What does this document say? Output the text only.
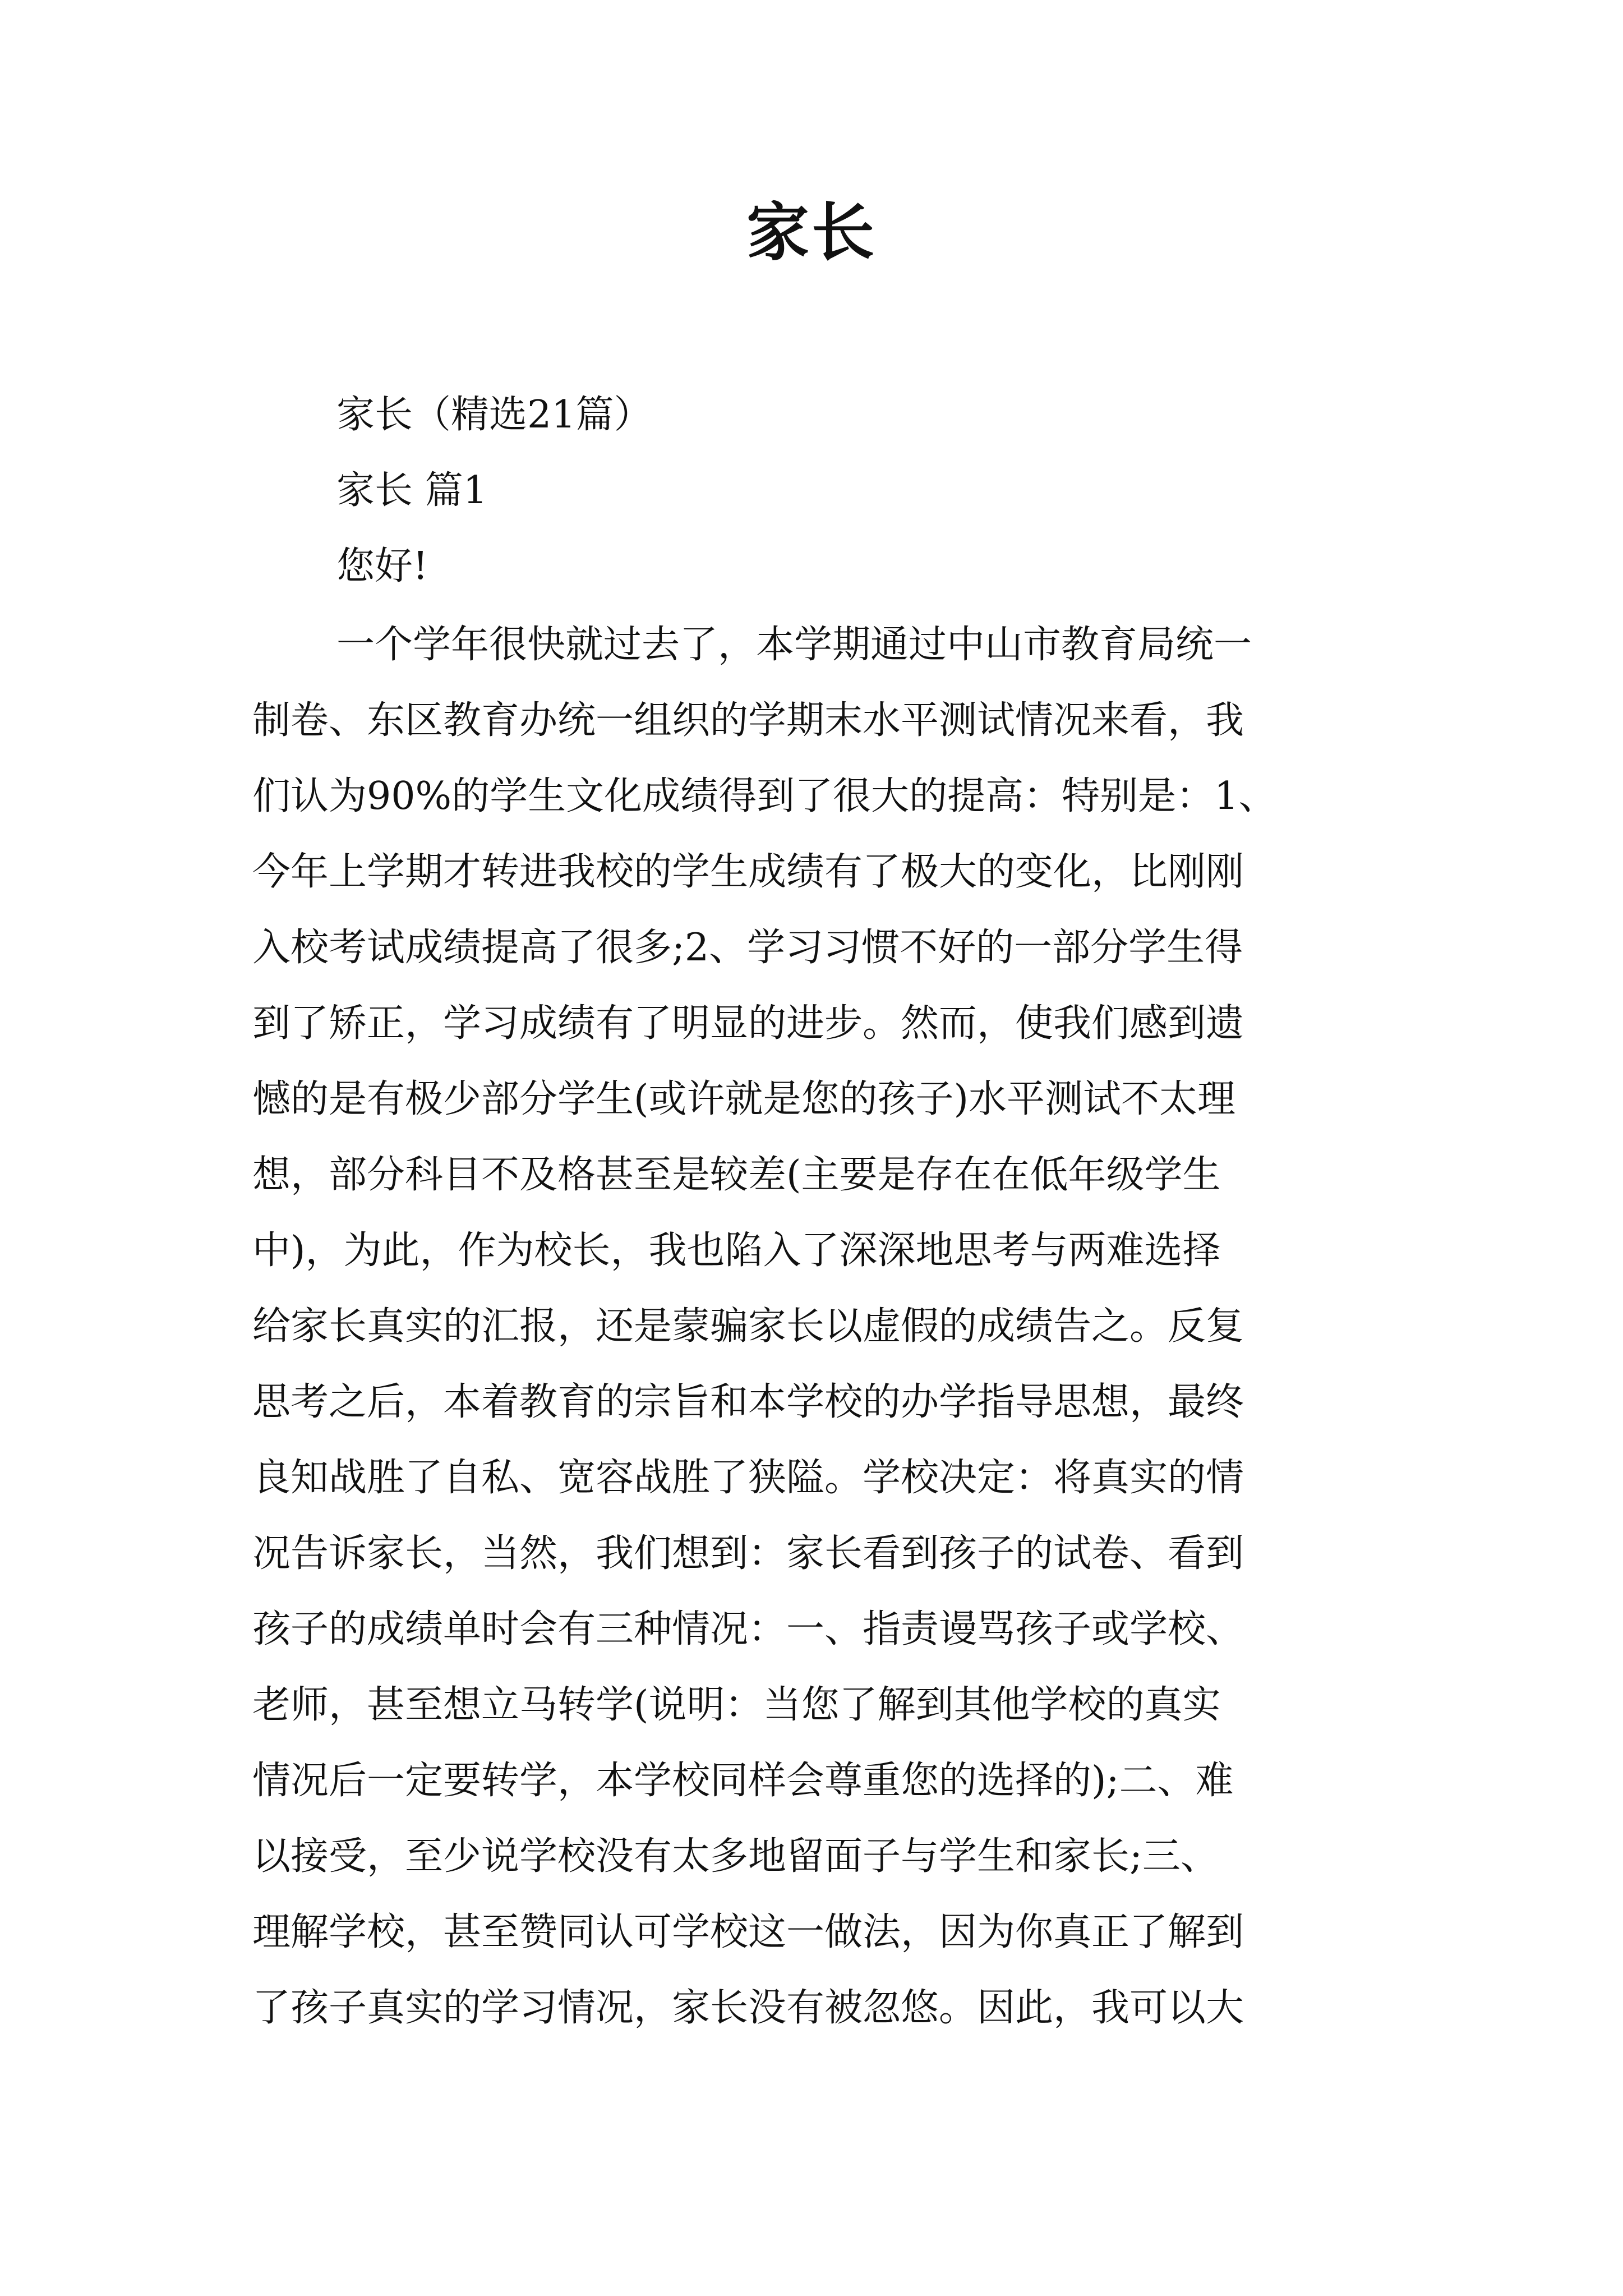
家长

家长（精选21篇）

家长 篇1

您好!

一个学年很快就过去了，本学期通过中山市教育局统一

制卷、东区教育办统一组织的学期末水平测试情况来看，我

们认为90%的学生文化成绩得到了很大的提高：特别是：1、

今年上学期才转进我校的学生成绩有了极大的变化，比刚刚

入校考试成绩提高了很多;2、学习习惯不好的一部分学生得

到了矫正，学习成绩有了明显的进步。然而，使我们感到遗

憾的是有极少部分学生(或许就是您的孩子)水平测试不太理

想，部分科目不及格甚至是较差(主要是存在在低年级学生

中)，为此，作为校长，我也陷入了深深地思考与两难选择

给家长真实的汇报，还是蒙骗家长以虚假的成绩告之。反复

思考之后，本着教育的宗旨和本学校的办学指导思想，最终

良知战胜了自私、宽容战胜了狭隘。学校决定：将真实的情

况告诉家长，当然，我们想到：家长看到孩子的试卷、看到

孩子的成绩单时会有三种情况：一、指责谩骂孩子或学校、

老师，甚至想立马转学(说明：当您了解到其他学校的真实

情况后一定要转学，本学校同样会尊重您的选择的);二、难

以接受，至少说学校没有太多地留面子与学生和家长;三、

理解学校，甚至赞同认可学校这一做法，因为你真正了解到

了孩子真实的学习情况，家长没有被忽悠。因此，我可以大
